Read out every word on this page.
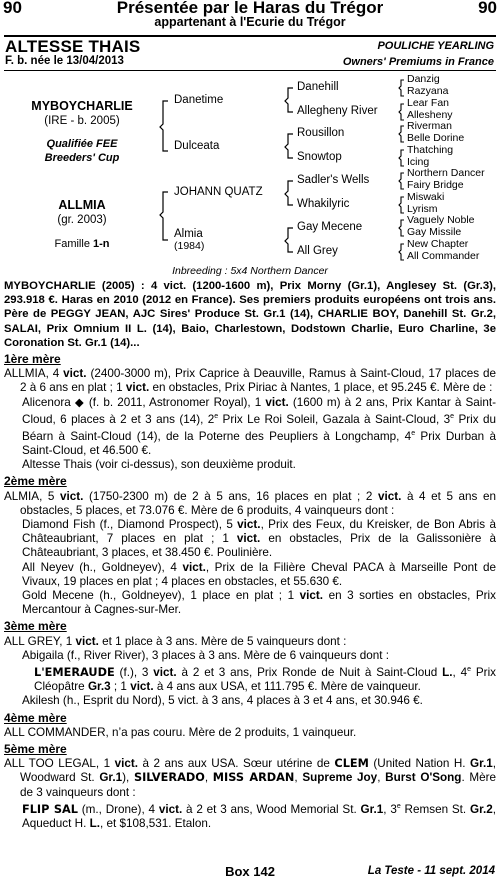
Présentée par le Haras du Trégor
90	90
appartenant à l'Ecurie du Trégor
ALTESSE THAIS	POULICHE YEARLING
F. b. née le 13/04/2013	Owners' Premiums in France
MYBOYCHARLIE
(IRE - b. 2005)
Qualifiée FEE
Breeders' Cup
ALLMIA
(gr. 2003)
Famille 1-n
Danetime
Dulceata
JOHANN QUATZ
Almia
(1984)
Danehill
Allegheny River
Rousillon
Snowtop
Sadler's Wells
Whakilyric
Gay Mecene
All Grey
Danzig
Razyana
Lear Fan
Allesheny
Riverman
Belle Dorine
Thatching
Icing
Northern Dancer
Fairy Bridge
Miswaki
Lyrism
Vaguely Noble
Gay Missile
New Chapter
All Commander
Inbreeding : 5x4 Northern Dancer

MYBOYCHARLIE (2005) : 4 vict. (1200-1600 m), Prix Morny (Gr.1), Anglesey St. (Gr.3), 293.918 €. Haras en 2010 (2012 en France). Ses premiers produits européens ont trois ans. Père de PEGGY JEAN, AJC Sires' Produce St. Gr.1 (14), CHARLIE BOY, Danehill St. Gr.2, SALAI, Prix Omnium II L. (14), Baio, Charlestown, Dodstown Charlie, Euro Charline, 3e Coronation St. Gr.1 (14)...

1ère mère

ALLMIA, 4 vict. (2400-3000 m), Prix Caprice à Deauville, Ramus à Saint-Cloud, 17 places de 2 à 6 ans en plat ; 1 vict. en obstacles, Prix Piriac à Nantes, 1 place, et 95.245 €. Mère de :

Alicenora ◆ (f. b. 2011, Astronomer Royal), 1 vict. (1600 m) à 2 ans, Prix Kantar à Saint-Cloud, 6 places à 2 et 3 ans (14), 2e Prix Le Roi Soleil, Gazala à Saint-Cloud, 3e Prix du Béarn à Saint-Cloud (14), de la Poterne des Peupliers à Longchamp, 4e Prix Durban à Saint-Cloud, et 46.500 €.

Altesse Thais (voir ci-dessus), son deuxième produit.

2ème mère

ALMIA, 5 vict. (1750-2300 m) de 2 à 5 ans, 16 places en plat ; 2 vict. à 4 et 5 ans en obstacles, 5 places, et 73.076 €. Mère de 6 produits, 4 vainqueurs dont :

Diamond Fish (f., Diamond Prospect), 5 vict., Prix des Feux, du Kreisker, de Bon Abris à Châteaubriant, 7 places en plat ; 1 vict. en obstacles, Prix de la Galissonière à Châteaubriant, 3 places, et 38.450 €. Poulinière.

All Neyev (h., Goldneyev), 4 vict., Prix de la Filière Cheval PACA à Marseille Pont de Vivaux, 19 places en plat ; 4 places en obstacles, et 55.630 €.

Gold Mecene (h., Goldneyev), 1 place en plat ; 1 vict. en 3 sorties en obstacles, Prix Mercantour à Cagnes-sur-Mer.

3ème mère

ALL GREY, 1 vict. et 1 place à 3 ans. Mère de 5 vainqueurs dont :

Abigaila (f., River River), 3 places à 3 ans. Mère de 6 vainqueurs dont :

L'EMERAUDE (f.), 3 vict. à 2 et 3 ans, Prix Ronde de Nuit à Saint-Cloud L., 4e Prix Cléopâtre Gr.3 ; 1 vict. à 4 ans aux USA, et 111.795 €. Mère de vainqueur.

Akilesh (h., Esprit du Nord), 5 vict. à 3 ans, 4 places à 3 et 4 ans, et 30.946 €.

4ème mère

ALL COMMANDER, n’a pas couru. Mère de 2 produits, 1 vainqueur.

5ème mère

ALL TOO LEGAL, 1 vict. à 2 ans aux USA. Sœur utérine de CLEM (United Nation H. Gr.1, Woodward St. Gr.1), SILVERADO, MISS ARDAN, Supreme Joy, Burst O'Song. Mère de 3 vainqueurs dont :

FLIP SAL (m., Drone), 4 vict. à 2 et 3 ans, Wood Memorial St. Gr.1, 3e Remsen St. Gr.2, Aqueduct H. L., et $108,531. Etalon.

Box 142	La Teste - 11 sept. 2014
